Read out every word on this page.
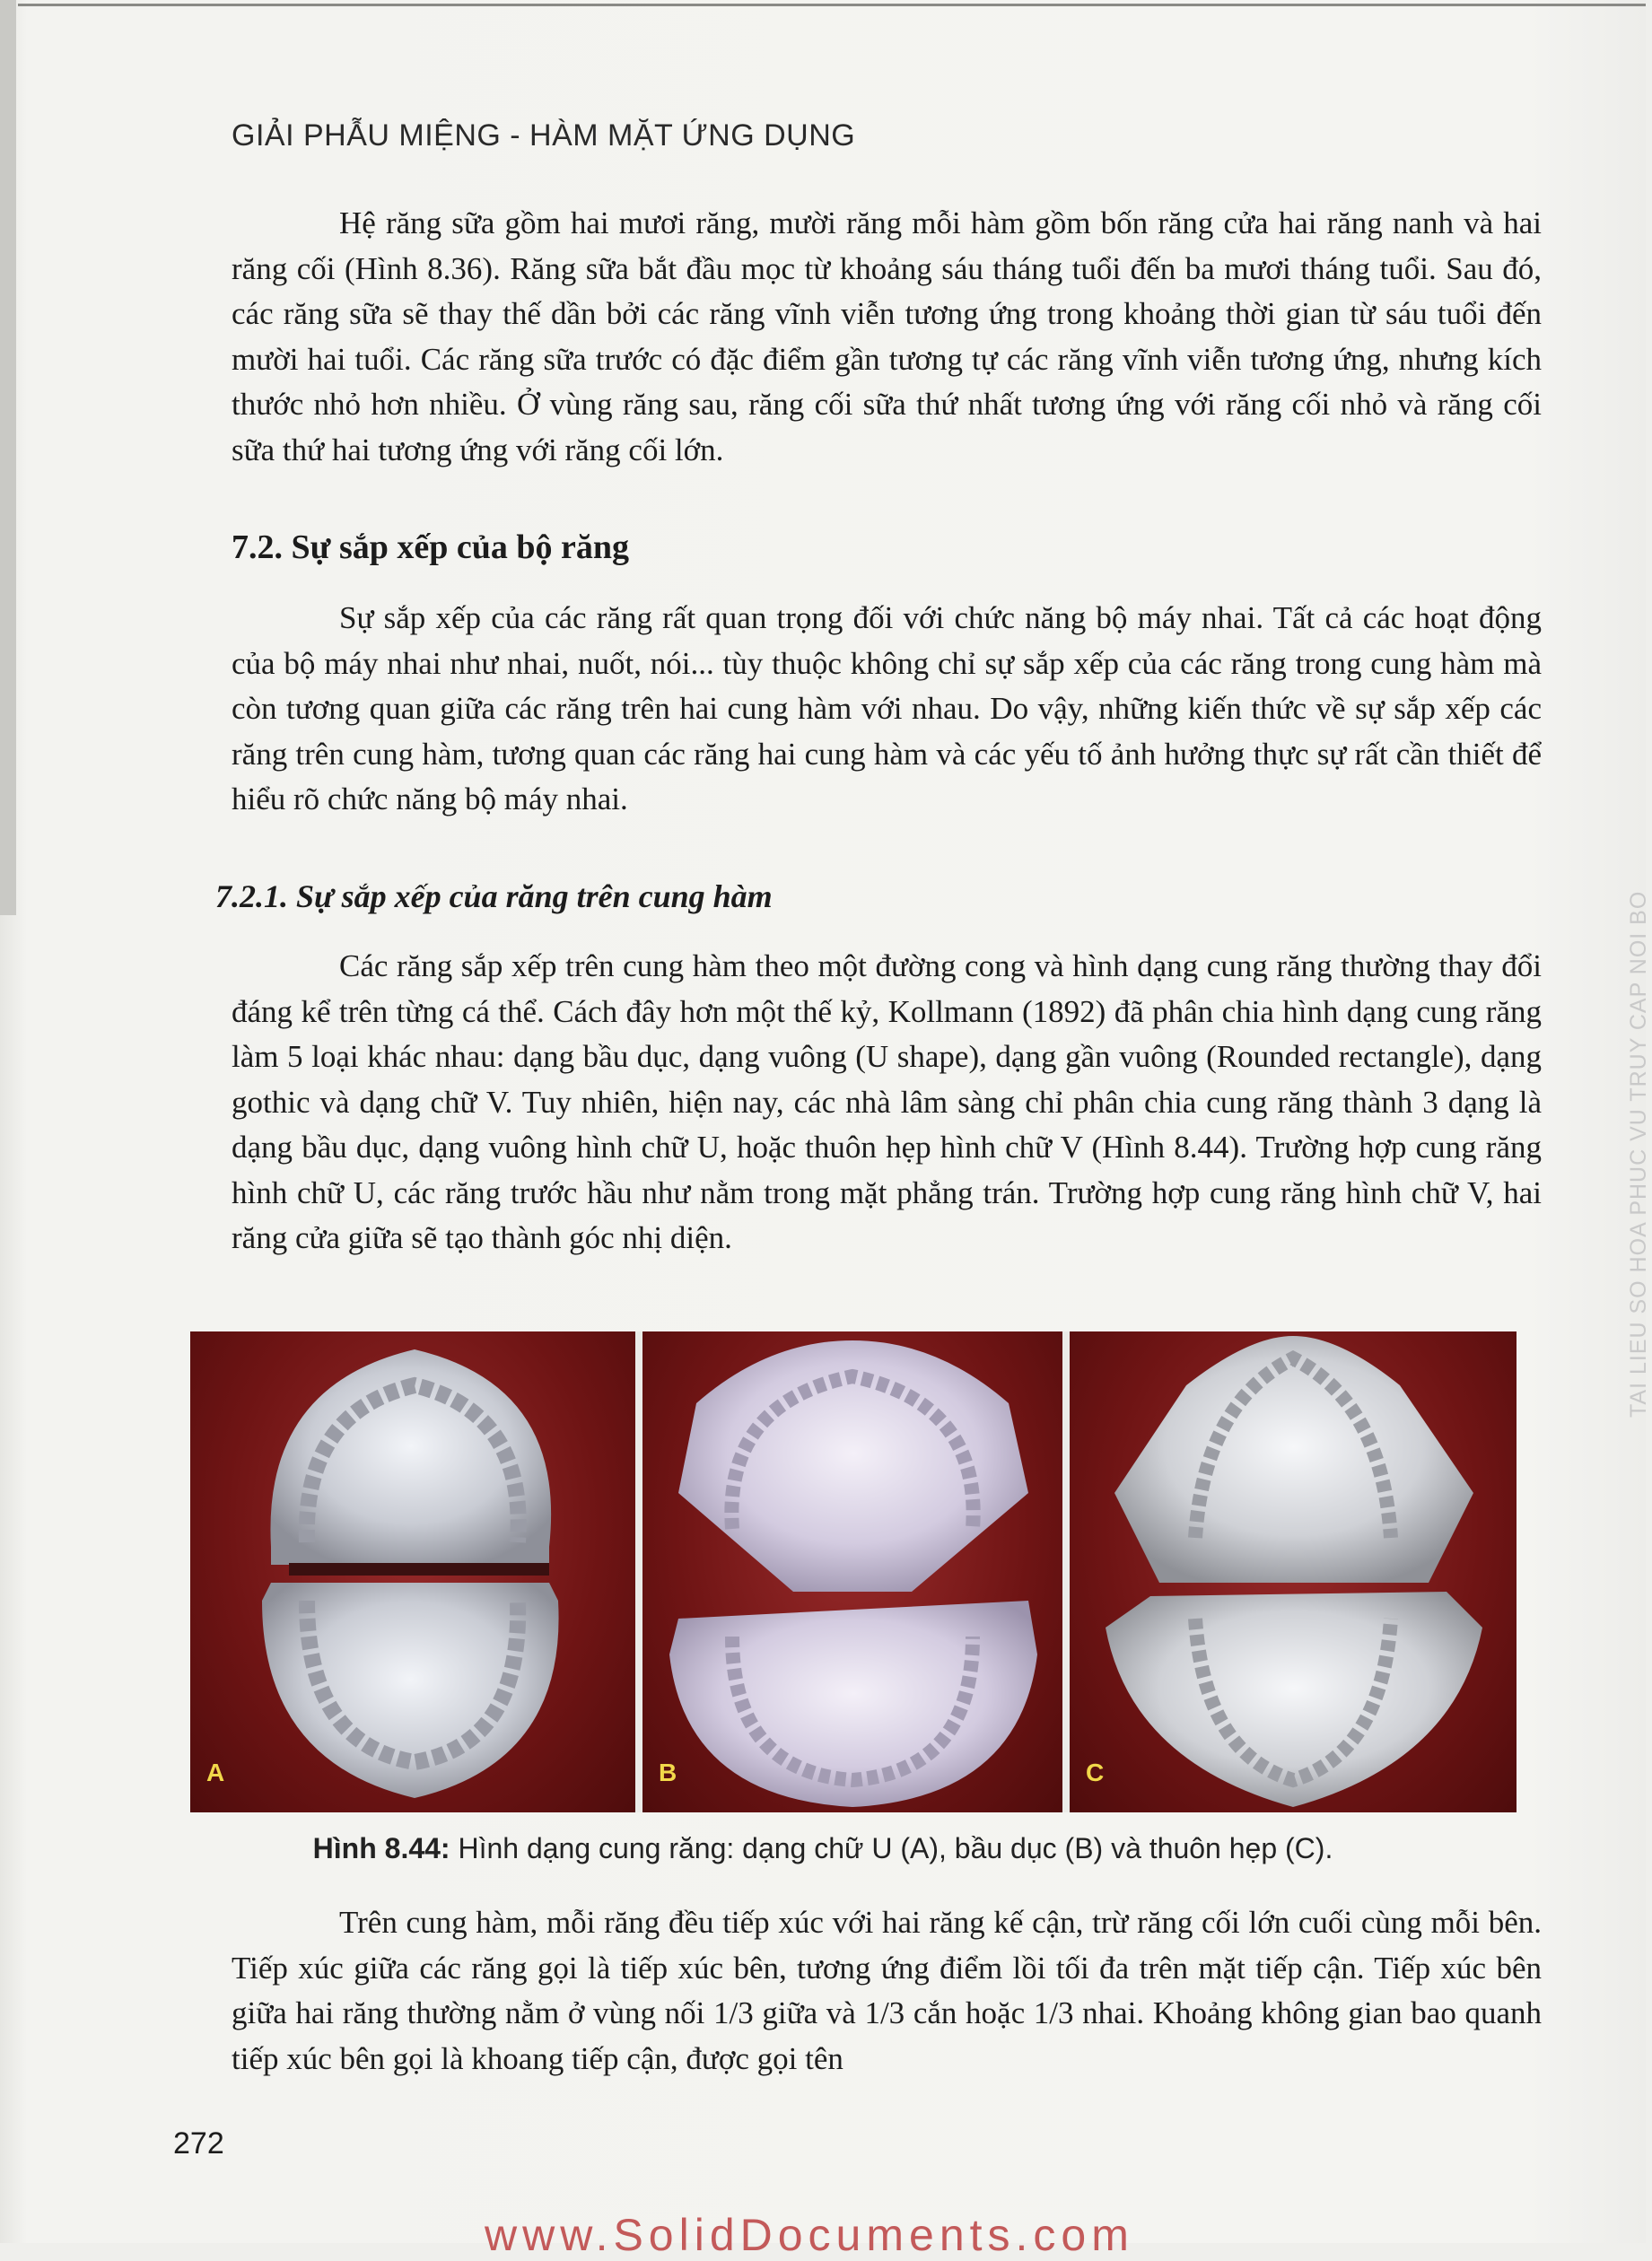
GIẢI PHẪU MIỆNG - HÀM MẶT ỨNG DỤNG

Hệ răng sữa gồm hai mươi răng, mười răng mỗi hàm gồm bốn răng cửa hai răng nanh và hai răng cối (Hình 8.36). Răng sữa bắt đầu mọc từ khoảng sáu tháng tuổi đến ba mươi tháng tuổi. Sau đó, các răng sữa sẽ thay thế dần bởi các răng vĩnh viễn tương ứng trong khoảng thời gian từ sáu tuổi đến mười hai tuổi. Các răng sữa trước có đặc điểm gần tương tự các răng vĩnh viễn tương ứng, nhưng kích thước nhỏ hơn nhiều. Ở vùng răng sau, răng cối sữa thứ nhất tương ứng với răng cối nhỏ và răng cối sữa thứ hai tương ứng với răng cối lớn.

7.2. Sự sắp xếp của bộ răng

Sự sắp xếp của các răng rất quan trọng đối với chức năng bộ máy nhai. Tất cả các hoạt động của bộ máy nhai như nhai, nuốt, nói... tùy thuộc không chỉ sự sắp xếp của các răng trong cung hàm mà còn tương quan giữa các răng trên hai cung hàm với nhau. Do vậy, những kiến thức về sự sắp xếp các răng trên cung hàm, tương quan các răng hai cung hàm và các yếu tố ảnh hưởng thực sự rất cần thiết để hiểu rõ chức năng bộ máy nhai.

7.2.1. Sự sắp xếp của răng trên cung hàm

Các răng sắp xếp trên cung hàm theo một đường cong và hình dạng cung răng thường thay đổi đáng kể trên từng cá thể. Cách đây hơn một thế kỷ, Kollmann (1892) đã phân chia hình dạng cung răng làm 5 loại khác nhau: dạng bầu dục, dạng vuông (U shape), dạng gần vuông (Rounded rectangle), dạng gothic và dạng chữ V. Tuy nhiên, hiện nay, các nhà lâm sàng chỉ phân chia cung răng thành 3 dạng là dạng bầu dục, dạng vuông hình chữ U, hoặc thuôn hẹp hình chữ V (Hình 8.44). Trường hợp cung răng hình chữ U, các răng trước hầu như nằm trong mặt phẳng trán. Trường hợp cung răng hình chữ V, hai răng cửa giữa sẽ tạo thành góc nhị diện.

A	B	C
Hình 8.44: Hình dạng cung răng: dạng chữ U (A), bầu dục (B) và thuôn hẹp (C).

Trên cung hàm, mỗi răng đều tiếp xúc với hai răng kế cận, trừ răng cối lớn cuối cùng mỗi bên. Tiếp xúc giữa các răng gọi là tiếp xúc bên, tương ứng điểm lồi tối đa trên mặt tiếp cận. Tiếp xúc bên giữa hai răng thường nằm ở vùng nối 1/3 giữa và 1/3 cắn hoặc 1/3 nhai. Khoảng không gian bao quanh tiếp xúc bên gọi là khoang tiếp cận, được gọi tên

272
TAI LIEU SO HOA PHUC VU TRUY CAP NOI BO
www.SolidDocuments.com
